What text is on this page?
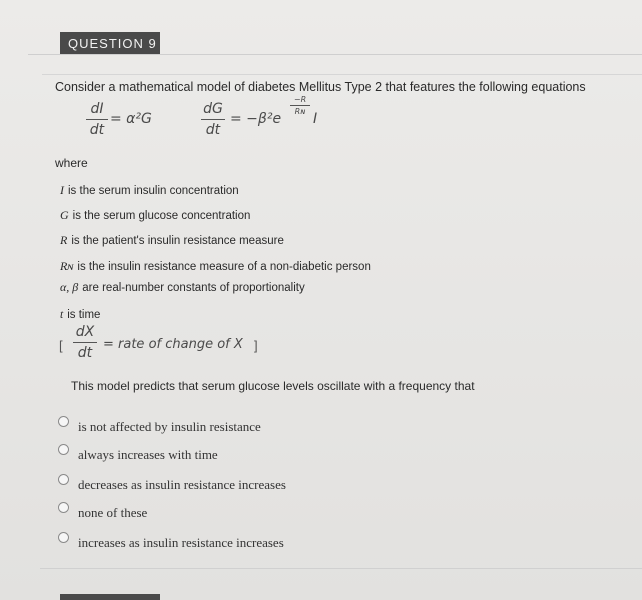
QUESTION 9
Consider a mathematical model of diabetes Mellitus Type 2 that features the following equations
dI
dt
= α²G
dG
dt
= −β²e
−R
Rɴ I
where
I is the serum insulin concentration
G is the serum glucose concentration
R is the patient's insulin resistance measure
Rɴ is the insulin resistance measure of a non-diabetic person
α, β are real-number constants of proportionality
t is time
[
dX
dt
= rate of change of X ]
This model predicts that serum glucose levels oscillate with a frequency that
is not affected by insulin resistance
always increases with time
decreases as insulin resistance increases
none of these
increases as insulin resistance increases
